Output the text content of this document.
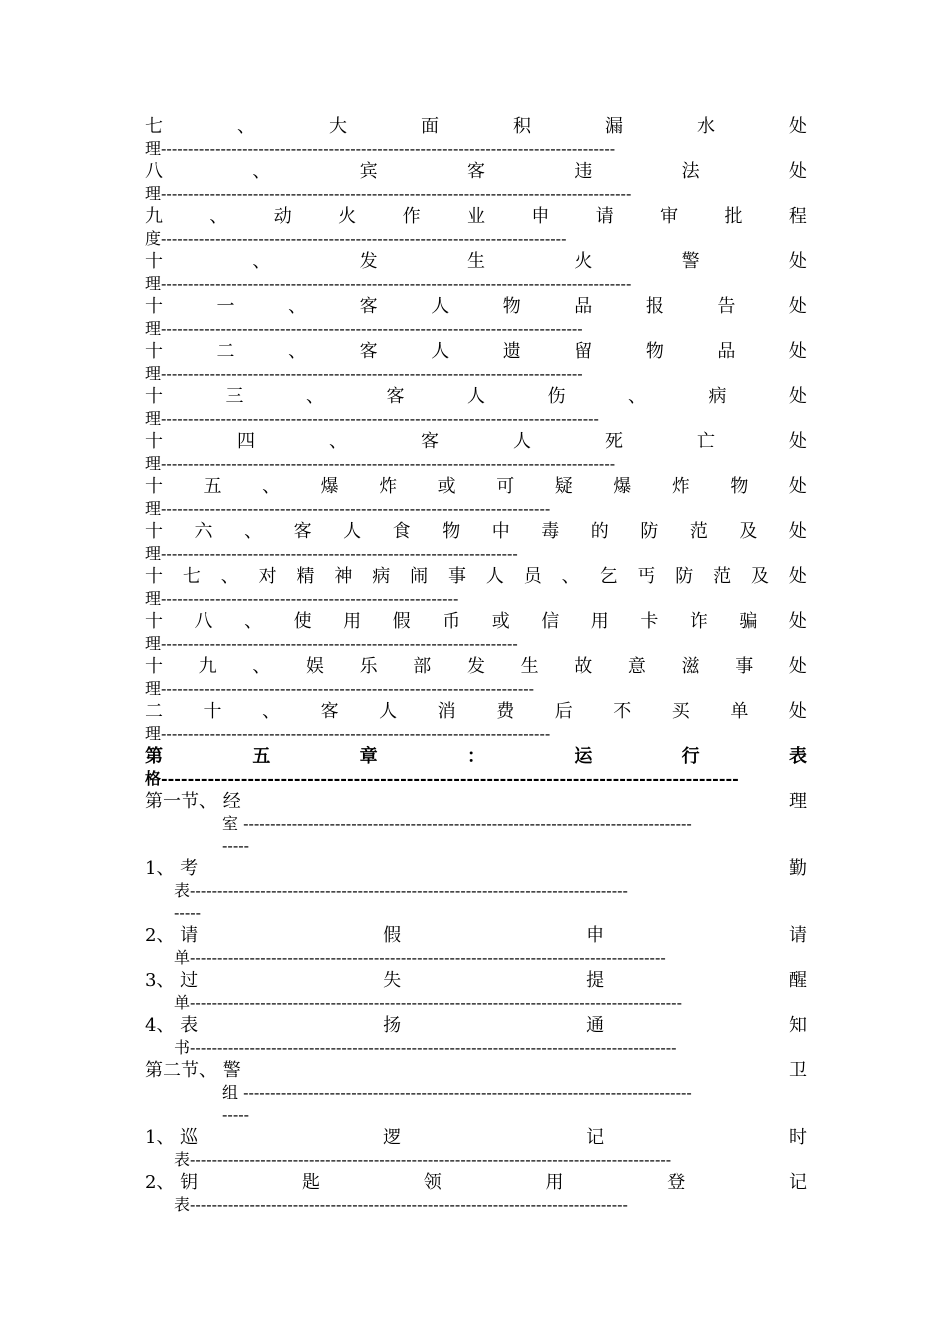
七	、	大	面	积	漏	水	处
理------------------------------------------------------------------------------------
八	、	宾	客	违	法	处
理---------------------------------------------------------------------------------------
九	、	动	火	作	业	申	请	审	批	程
度---------------------------------------------------------------------------
十	、	发	生	火	警	处
理---------------------------------------------------------------------------------------
十	一	、	客	人	物	品	报	告	处
理------------------------------------------------------------------------------
十	二	、	客	人	遗	留	物	品	处
理------------------------------------------------------------------------------
十	三	、	客	人	伤	、	病	处
理---------------------------------------------------------------------------------
十	四	、	客	人	死	亡	处
理------------------------------------------------------------------------------------
十 五 、 爆 炸 或 可 疑 爆 炸 物 处
理------------------------------------------------------------------------
十 六 、 客 人 食 物 中 毒 的 防 范 及 处
理------------------------------------------------------------------
十 七 、 对 精 神 病 闹 事 人 员 、 乞 丐 防 范 及 处
理-------------------------------------------------------
十 八 、 使 用 假 币 或 信 用 卡 诈 骗 处
理------------------------------------------------------------------
十 九 、 娱 乐 部 发 生 故 意 滋 事 处
理---------------------------------------------------------------------
二 十 、 客 人 消 费 后 不 买 单 处
理------------------------------------------------------------------------
第	五	章	：	运	行	表
格---------------------------------------------------------------------------------------
第一节、 经	理
室 -----------------------------------------------------------------------------------
-----
1、 考	勤
表---------------------------------------------------------------------------------
-----
2、 请	假	申	请
单----------------------------------------------------------------------------------------
3、 过	失	提	醒
单-------------------------------------------------------------------------------------------
4、 表	扬	通	知
书------------------------------------------------------------------------------------------
第二节、 警	卫
组 -----------------------------------------------------------------------------------
-----
1、 巡	逻	记	时
表-----------------------------------------------------------------------------------------
2、 钥	匙	领	用	登	记
表---------------------------------------------------------------------------------
